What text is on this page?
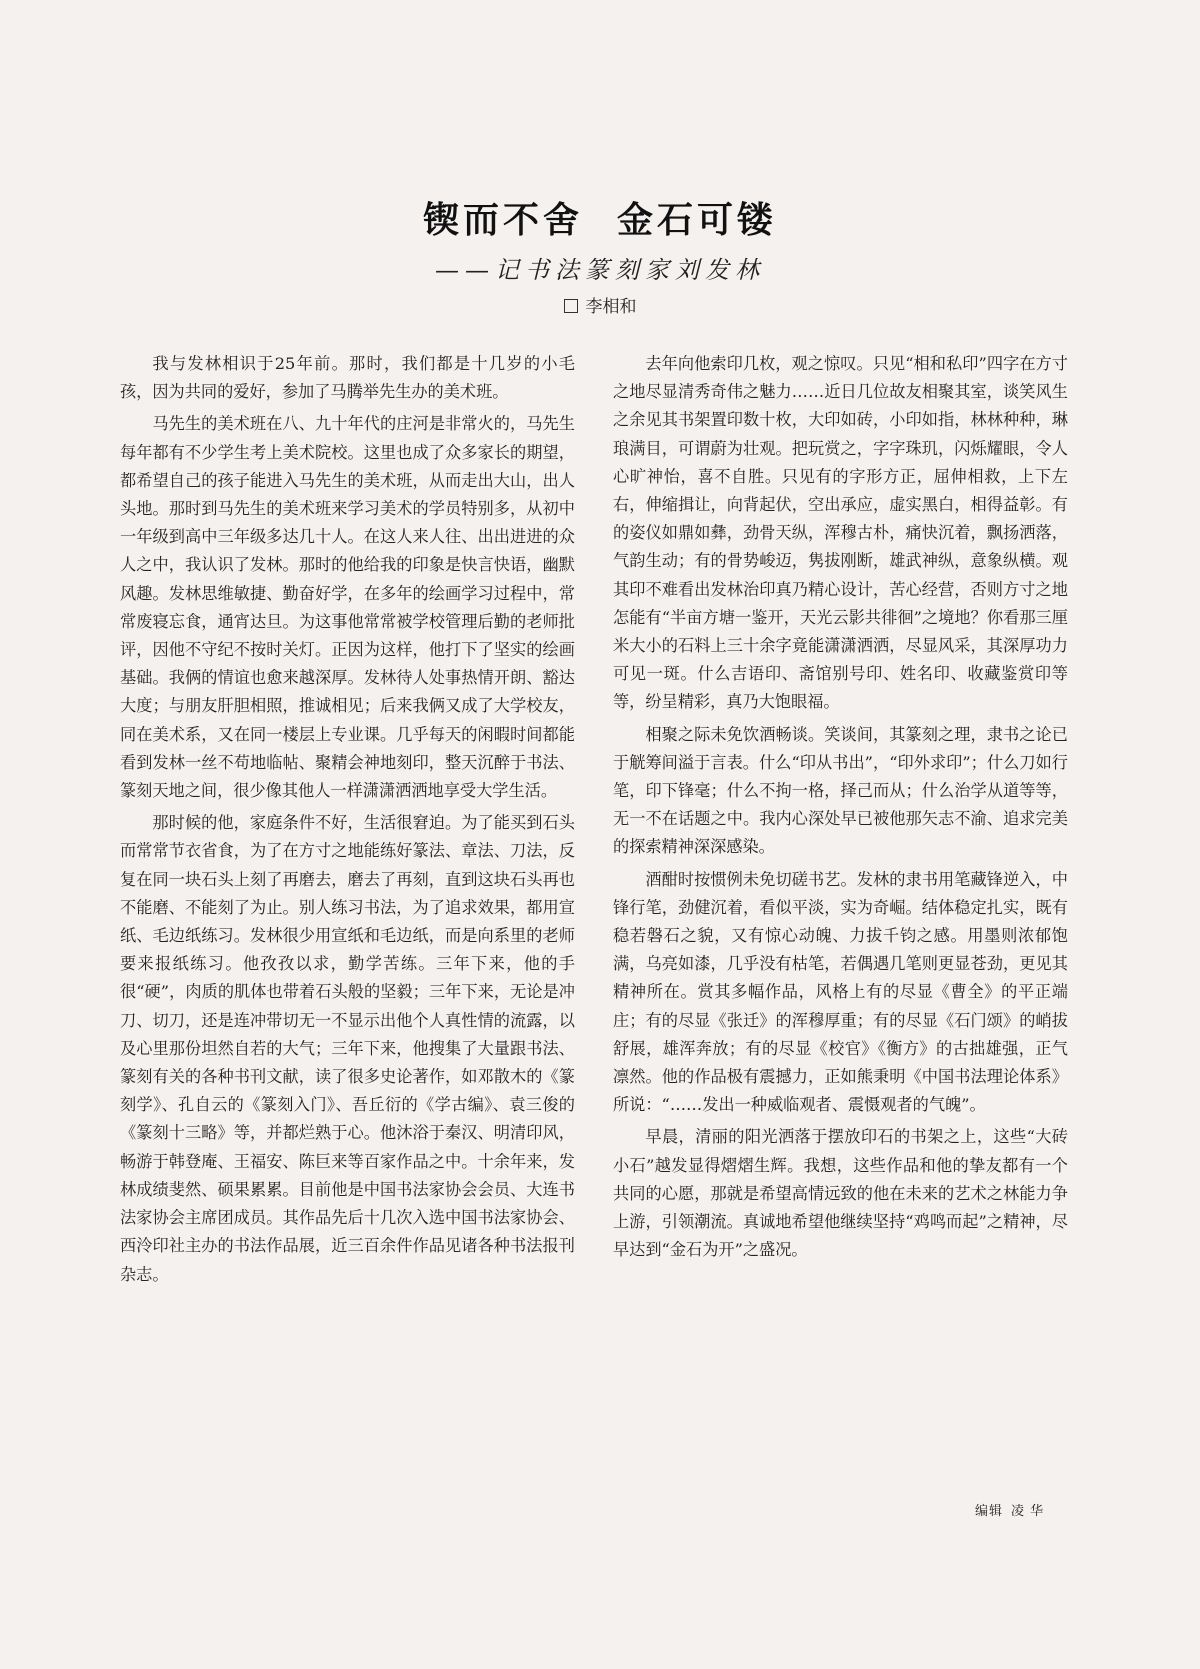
锲而不舍 金石可镂
——记书法篆刻家刘发林
李相和

我与发林相识于25年前。那时，我们都是十几岁的小毛孩，因为共同的爱好，参加了马腾举先生办的美术班。

马先生的美术班在八、九十年代的庄河是非常火的，马先生每年都有不少学生考上美术院校。这里也成了众多家长的期望，都希望自己的孩子能进入马先生的美术班，从而走出大山，出人头地。那时到马先生的美术班来学习美术的学员特别多，从初中一年级到高中三年级多达几十人。在这人来人往、出出进进的众人之中，我认识了发林。那时的他给我的印象是快言快语，幽默风趣。发林思维敏捷、勤奋好学，在多年的绘画学习过程中，常常废寝忘食，通宵达旦。为这事他常常被学校管理后勤的老师批评，因他不守纪不按时关灯。正因为这样，他打下了坚实的绘画基础。我俩的情谊也愈来越深厚。发林待人处事热情开朗、豁达大度；与朋友肝胆相照，推诚相见；后来我俩又成了大学校友，同在美术系，又在同一楼层上专业课。几乎每天的闲暇时间都能看到发林一丝不苟地临帖、聚精会神地刻印，整天沉醉于书法、篆刻天地之间，很少像其他人一样潇潇洒洒地享受大学生活。

那时候的他，家庭条件不好，生活很窘迫。为了能买到石头而常常节衣省食，为了在方寸之地能练好篆法、章法、刀法，反复在同一块石头上刻了再磨去，磨去了再刻，直到这块石头再也不能磨、不能刻了为止。别人练习书法，为了追求效果，都用宣纸、毛边纸练习。发林很少用宣纸和毛边纸，而是向系里的老师要来报纸练习。他孜孜以求，勤学苦练。三年下来，他的手很“硬”，肉质的肌体也带着石头般的坚毅；三年下来，无论是冲刀、切刀，还是连冲带切无一不显示出他个人真性情的流露，以及心里那份坦然自若的大气；三年下来，他搜集了大量跟书法、篆刻有关的各种书刊文献，读了很多史论著作，如邓散木的《篆刻学》、孔自云的《篆刻入门》、吾丘衍的《学古编》、袁三俊的《篆刻十三略》等，并都烂熟于心。他沐浴于秦汉、明清印风，畅游于韩登庵、王福安、陈巨来等百家作品之中。十余年来，发林成绩斐然、硕果累累。目前他是中国书法家协会会员、大连书法家协会主席团成员。其作品先后十几次入选中国书法家协会、西泠印社主办的书法作品展，近三百余件作品见诸各种书法报刊杂志。

去年向他索印几枚，观之惊叹。只见“相和私印”四字在方寸之地尽显清秀奇伟之魅力……近日几位故友相聚其室，谈笑风生之余见其书架置印数十枚，大印如砖，小印如指，林林种种，琳琅满目，可谓蔚为壮观。把玩赏之，字字珠玑，闪烁耀眼，令人心旷神怡，喜不自胜。只见有的字形方正，屈伸相救，上下左右，伸缩揖让，向背起伏，空出承应，虚实黑白，相得益彰。有的姿仪如鼎如彝，劲骨天纵，浑穆古朴，痛快沉着，飘扬洒落，气韵生动；有的骨势峻迈，隽拔刚断，雄武神纵，意象纵横。观其印不难看出发林治印真乃精心设计，苦心经营，否则方寸之地怎能有“半亩方塘一鉴开，天光云影共徘徊”之境地？你看那三厘米大小的石料上三十余字竟能潇潇洒洒，尽显风采，其深厚功力可见一斑。什么吉语印、斋馆别号印、姓名印、收藏鉴赏印等等，纷呈精彩，真乃大饱眼福。

相聚之际未免饮酒畅谈。笑谈间，其篆刻之理，隶书之论已于觥筹间溢于言表。什么“印从书出”，“印外求印”；什么刀如行笔，印下锋毫；什么不拘一格，择己而从；什么治学从道等等，无一不在话题之中。我内心深处早已被他那矢志不渝、追求完美的探索精神深深感染。

酒酣时按惯例未免切磋书艺。发林的隶书用笔藏锋逆入，中锋行笔，劲健沉着，看似平淡，实为奇崛。结体稳定扎实，既有稳若磐石之貌，又有惊心动魄、力拔千钧之感。用墨则浓郁饱满，乌亮如漆，几乎没有枯笔，若偶遇几笔则更显苍劲，更见其精神所在。赏其多幅作品，风格上有的尽显《曹全》的平正端庄；有的尽显《张迁》的浑穆厚重；有的尽显《石门颂》的峭拔舒展，雄浑奔放；有的尽显《校官》《衡方》的古拙雄强，正气凛然。他的作品极有震撼力，正如熊秉明《中国书法理论体系》所说：“……发出一种威临观者、震慑观者的气魄”。

早晨，清丽的阳光洒落于摆放印石的书架之上，这些“大砖小石”越发显得熠熠生辉。我想，这些作品和他的挚友都有一个共同的心愿，那就是希望高情远致的他在未来的艺术之林能力争上游，引领潮流。真诚地希望他继续坚持“鸡鸣而起”之精神，尽早达到“金石为开”之盛况。

编辑 凌 华
